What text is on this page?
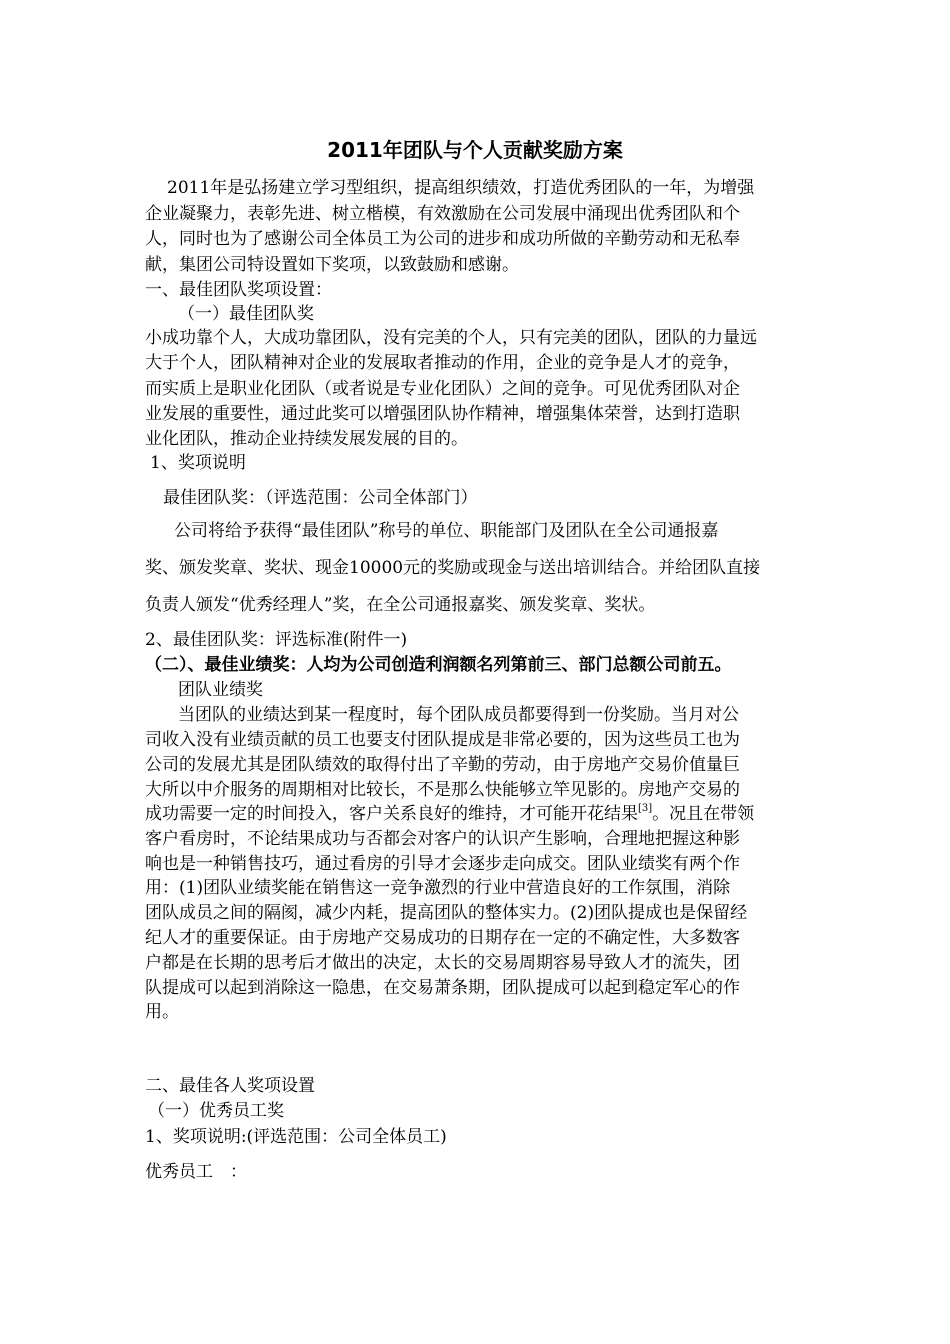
2011年团队与个人贡献奖励方案
2011年是弘扬建立学习型组织，提高组织绩效，打造优秀团队的一年，为增强
企业凝聚力，表彰先进、树立楷模，有效激励在公司发展中涌现出优秀团队和个
人，同时也为了感谢公司全体员工为公司的进步和成功所做的辛勤劳动和无私奉
献，集团公司特设置如下奖项，以致鼓励和感谢。
一、最佳团队奖项设置：
（一）最佳团队奖
小成功靠个人，大成功靠团队，没有完美的个人，只有完美的团队，团队的力量远
大于个人，团队精神对企业的发展取者推动的作用，企业的竞争是人才的竞争，
而实质上是职业化团队（或者说是专业化团队）之间的竞争。可见优秀团队对企
业发展的重要性，通过此奖可以增强团队协作精神，增强集体荣誉，达到打造职
业化团队，推动企业持续发展发展的目的。
1、奖项说明
最佳团队奖：（评选范围：公司全体部门）
公司将给予获得“最佳团队”称号的单位、职能部门及团队在全公司通报嘉
奖、颁发奖章、奖状、现金10000元的奖励或现金与送出培训结合。并给团队直接
负责人颁发“优秀经理人”奖，在全公司通报嘉奖、颁发奖章、奖状。
2、最佳团队奖：评选标准(附件一)
（二）、最佳业绩奖：人均为公司创造利润额名列第前三、部门总额公司前五。
团队业绩奖
当团队的业绩达到某一程度时，每个团队成员都要得到一份奖励。当月对公
司收入没有业绩贡献的员工也要支付团队提成是非常必要的，因为这些员工也为
公司的发展尤其是团队绩效的取得付出了辛勤的劳动，由于房地产交易价值量巨
大所以中介服务的周期相对比较长，不是那么快能够立竿见影的。房地产交易的
成功需要一定的时间投入，客户关系良好的维持，才可能开花结果[3]。况且在带领
客户看房时，不论结果成功与否都会对客户的认识产生影响，合理地把握这种影
响也是一种销售技巧，通过看房的引导才会逐步走向成交。团队业绩奖有两个作
用：(1)团队业绩奖能在销售这一竞争激烈的行业中营造良好的工作氛围，消除
团队成员之间的隔阂，减少内耗，提高团队的整体实力。(2)团队提成也是保留经
纪人才的重要保证。由于房地产交易成功的日期存在一定的不确定性，大多数客
户都是在长期的思考后才做出的决定，太长的交易周期容易导致人才的流失，团
队提成可以起到消除这一隐患，在交易萧条期，团队提成可以起到稳定军心的作
用。
二、最佳各人奖项设置
（一）优秀员工奖
1、奖项说明:(评选范围：公司全体员工)
优秀员工　：
